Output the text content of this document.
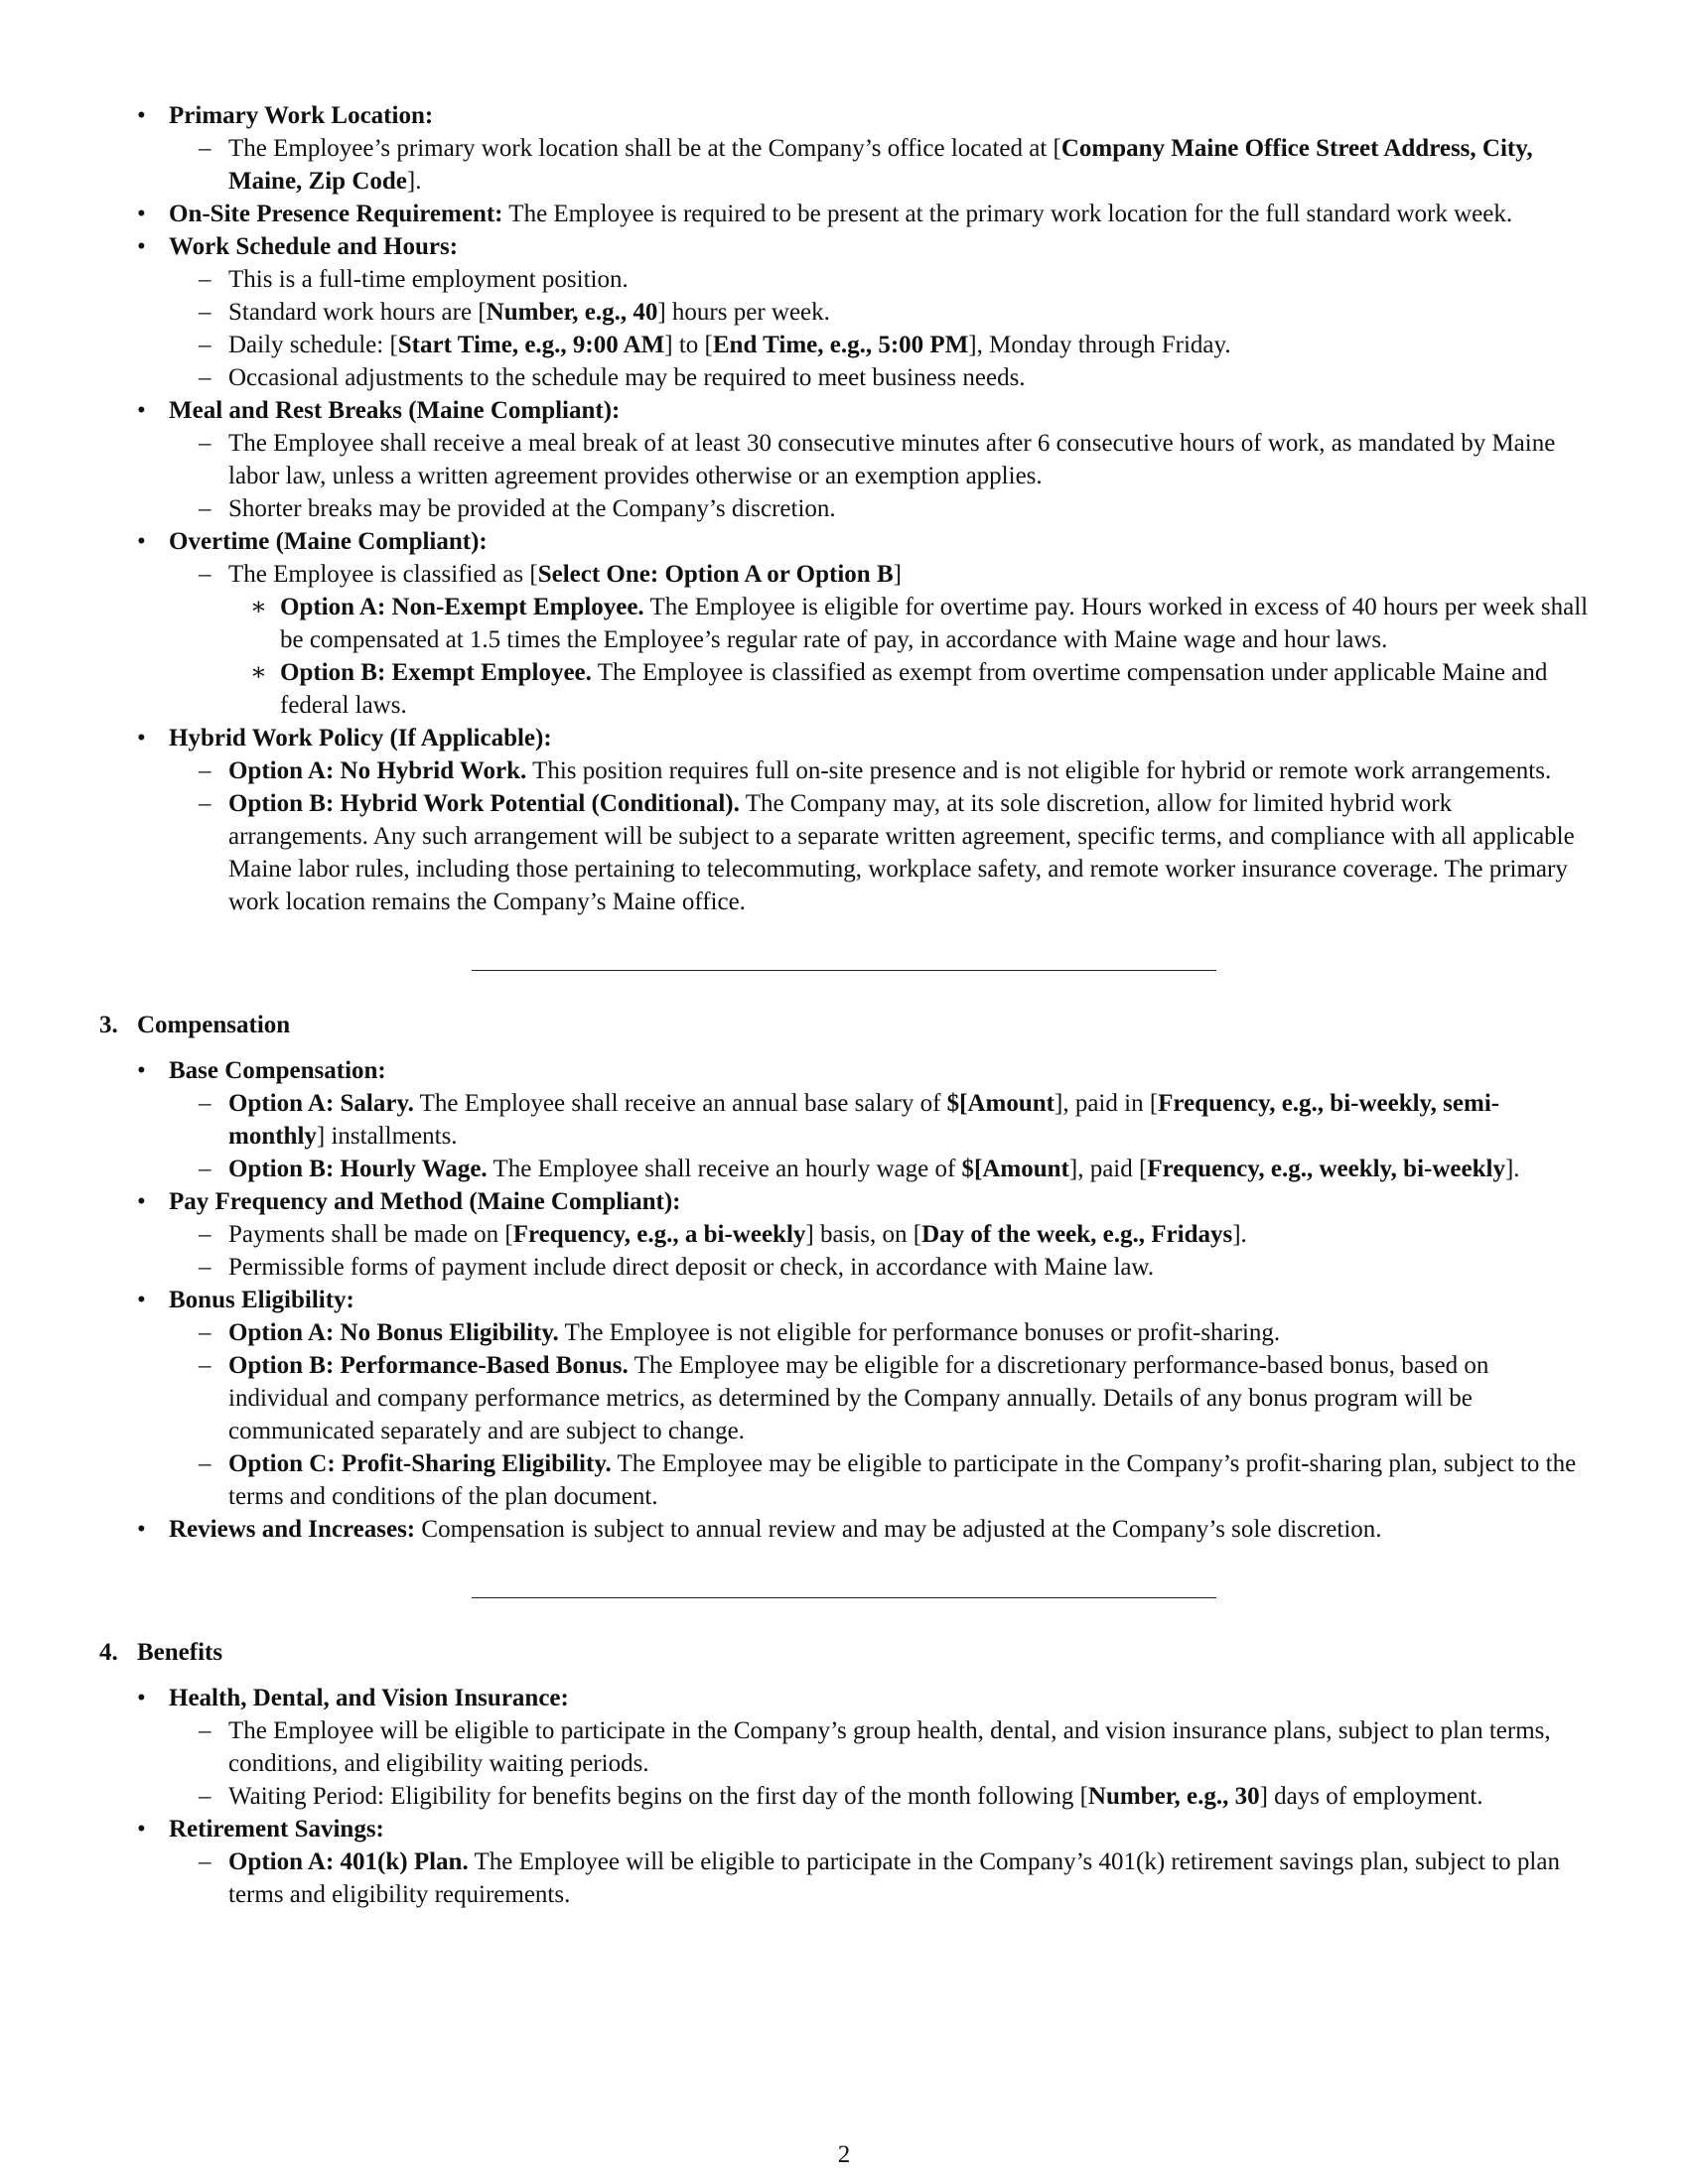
• Primary Work Location:
– The Employee’s primary work location shall be at the Company’s office located at [Company Maine Office Street Address, City, Maine, Zip Code].
• On-Site Presence Requirement: The Employee is required to be present at the primary work location for the full standard work week.
• Work Schedule and Hours:
– This is a full-time employment position.
– Standard work hours are [Number, e.g., 40] hours per week.
– Daily schedule: [Start Time, e.g., 9:00 AM] to [End Time, e.g., 5:00 PM], Monday through Friday.
– Occasional adjustments to the schedule may be required to meet business needs.
• Meal and Rest Breaks (Maine Compliant):
– The Employee shall receive a meal break of at least 30 consecutive minutes after 6 consecutive hours of work, as mandated by Maine labor law, unless a written agreement provides otherwise or an exemption applies.
– Shorter breaks may be provided at the Company’s discretion.
• Overtime (Maine Compliant):
– The Employee is classified as [Select One: Option A or Option B]
∗ Option A: Non-Exempt Employee. The Employee is eligible for overtime pay. Hours worked in excess of 40 hours per week shall be compensated at 1.5 times the Employee’s regular rate of pay, in accordance with Maine wage and hour laws.
∗ Option B: Exempt Employee. The Employee is classified as exempt from overtime compensation under applicable Maine and federal laws.
• Hybrid Work Policy (If Applicable):
– Option A: No Hybrid Work. This position requires full on-site presence and is not eligible for hybrid or remote work arrangements.
– Option B: Hybrid Work Potential (Conditional). The Company may, at its sole discretion, allow for limited hybrid work arrangements. Any such arrangement will be subject to a separate written agreement, specific terms, and compliance with all applicable Maine labor rules, including those pertaining to telecommuting, workplace safety, and remote worker insurance coverage. The primary work location remains the Company’s Maine office.
3. Compensation
• Base Compensation:
– Option A: Salary. The Employee shall receive an annual base salary of $[Amount], paid in [Frequency, e.g., bi-weekly, semi-monthly] installments.
– Option B: Hourly Wage. The Employee shall receive an hourly wage of $[Amount], paid [Frequency, e.g., weekly, bi-weekly].
• Pay Frequency and Method (Maine Compliant):
– Payments shall be made on [Frequency, e.g., a bi-weekly] basis, on [Day of the week, e.g., Fridays].
– Permissible forms of payment include direct deposit or check, in accordance with Maine law.
• Bonus Eligibility:
– Option A: No Bonus Eligibility. The Employee is not eligible for performance bonuses or profit-sharing.
– Option B: Performance-Based Bonus. The Employee may be eligible for a discretionary performance-based bonus, based on individual and company performance metrics, as determined by the Company annually. Details of any bonus program will be communicated separately and are subject to change.
– Option C: Profit-Sharing Eligibility. The Employee may be eligible to participate in the Company’s profit-sharing plan, subject to the terms and conditions of the plan document.
• Reviews and Increases: Compensation is subject to annual review and may be adjusted at the Company’s sole discretion.
4. Benefits
• Health, Dental, and Vision Insurance:
– The Employee will be eligible to participate in the Company’s group health, dental, and vision insurance plans, subject to plan terms, conditions, and eligibility waiting periods.
– Waiting Period: Eligibility for benefits begins on the first day of the month following [Number, e.g., 30] days of employment.
• Retirement Savings:
– Option A: 401(k) Plan. The Employee will be eligible to participate in the Company’s 401(k) retirement savings plan, subject to plan terms and eligibility requirements.
2
